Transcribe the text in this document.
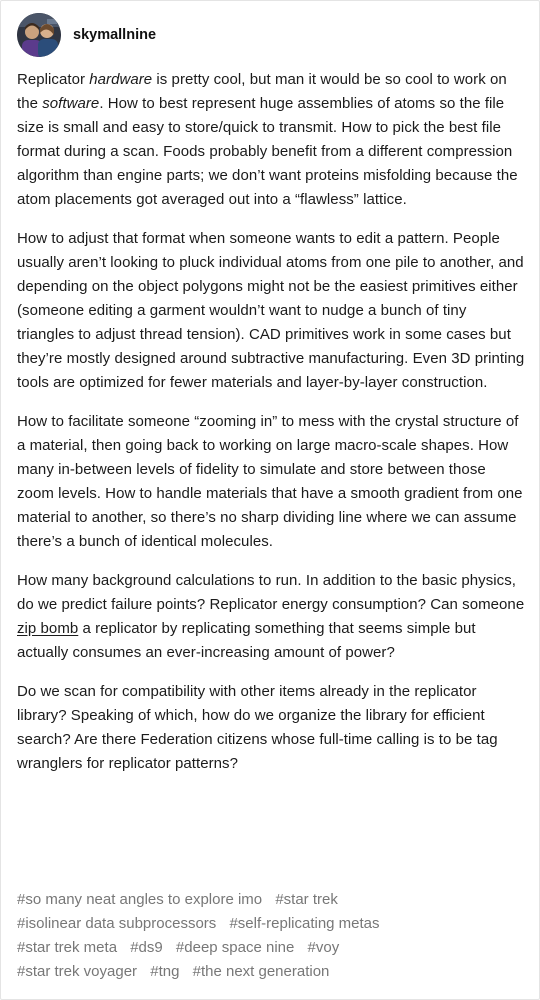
skymallnine

Replicator hardware is pretty cool, but man it would be so cool to work on the software. How to best represent huge assemblies of atoms so the file size is small and easy to store/quick to transmit. How to pick the best file format during a scan. Foods probably benefit from a different compression algorithm than engine parts; we don’t want proteins misfolding because the atom placements got averaged out into a “flawless” lattice.

How to adjust that format when someone wants to edit a pattern. People usually aren’t looking to pluck individual atoms from one pile to another, and depending on the object polygons might not be the easiest primitives either (someone editing a garment wouldn’t want to nudge a bunch of tiny triangles to adjust thread tension). CAD primitives work in some cases but they’re mostly designed around subtractive manufacturing. Even 3D printing tools are optimized for fewer materials and layer-by-layer construction.

How to facilitate someone “zooming in” to mess with the crystal structure of a material, then going back to working on large macro-scale shapes. How many in-between levels of fidelity to simulate and store between those zoom levels. How to handle materials that have a smooth gradient from one material to another, so there’s no sharp dividing line where we can assume there’s a bunch of identical molecules.

How many background calculations to run. In addition to the basic physics, do we predict failure points? Replicator energy consumption? Can someone zip bomb a replicator by replicating something that seems simple but actually consumes an ever-increasing amount of power?

Do we scan for compatibility with other items already in the replicator library? Speaking of which, how do we organize the library for efficient search? Are there Federation citizens whose full-time calling is to be tag wranglers for replicator patterns?

#so many neat angles to explore imo #star trek
#isolinear data subprocessors #self-replicating metas
#star trek meta #ds9 #deep space nine #voy
#star trek voyager #tng #the next generation
